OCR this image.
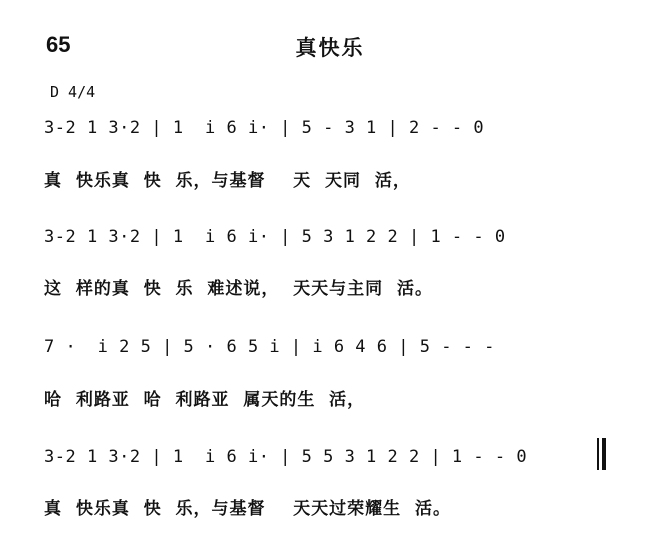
65	真快乐
D 4/4
3-2 1 3·2 | 1  i 6 i· | 5 - 3 1 | 2 - - 0
真  快乐真  快  乐，与基督    天  天同  活，
3-2 1 3·2 | 1  i 6 i· | 5 3 1 2 2 | 1 - - 0
这  样的真  快  乐  难述说，  天天与主同  活。
7 ·  i 2 5 | 5 · 6 5 i | i 6 4 6 | 5 - - -
哈  利路亚  哈  利路亚  属天的生  活，
3-2 1 3·2 | 1  i 6 i· | 5 5 3 1 2 2 | 1 - - 0
真  快乐真  快  乐，与基督    天天过荣耀生  活。
